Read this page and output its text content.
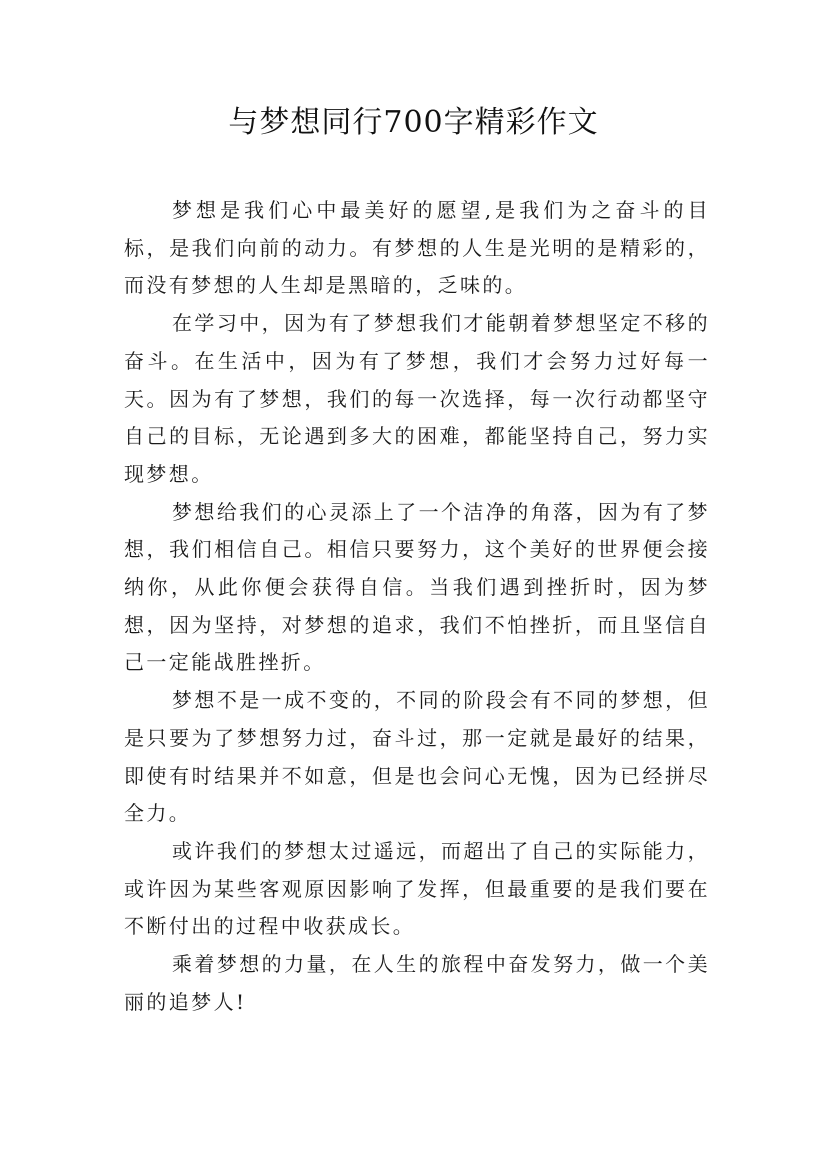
与梦想同行700字精彩作文

梦想是我们心中最美好的愿望,是我们为之奋斗的目标，是我们向前的动力。有梦想的人生是光明的是精彩的，而没有梦想的人生却是黑暗的，乏味的。

在学习中，因为有了梦想我们才能朝着梦想坚定不移的奋斗。在生活中，因为有了梦想，我们才会努力过好每一天。因为有了梦想，我们的每一次选择，每一次行动都坚守自己的目标，无论遇到多大的困难，都能坚持自己，努力实现梦想。

梦想给我们的心灵添上了一个洁净的角落，因为有了梦想，我们相信自己。相信只要努力，这个美好的世界便会接纳你，从此你便会获得自信。当我们遇到挫折时，因为梦想，因为坚持，对梦想的追求，我们不怕挫折，而且坚信自己一定能战胜挫折。

梦想不是一成不变的，不同的阶段会有不同的梦想，但是只要为了梦想努力过，奋斗过，那一定就是最好的结果，即使有时结果并不如意，但是也会问心无愧，因为已经拼尽全力。

或许我们的梦想太过遥远，而超出了自己的实际能力，或许因为某些客观原因影响了发挥，但最重要的是我们要在不断付出的过程中收获成长。

乘着梦想的力量，在人生的旅程中奋发努力，做一个美丽的追梦人!
